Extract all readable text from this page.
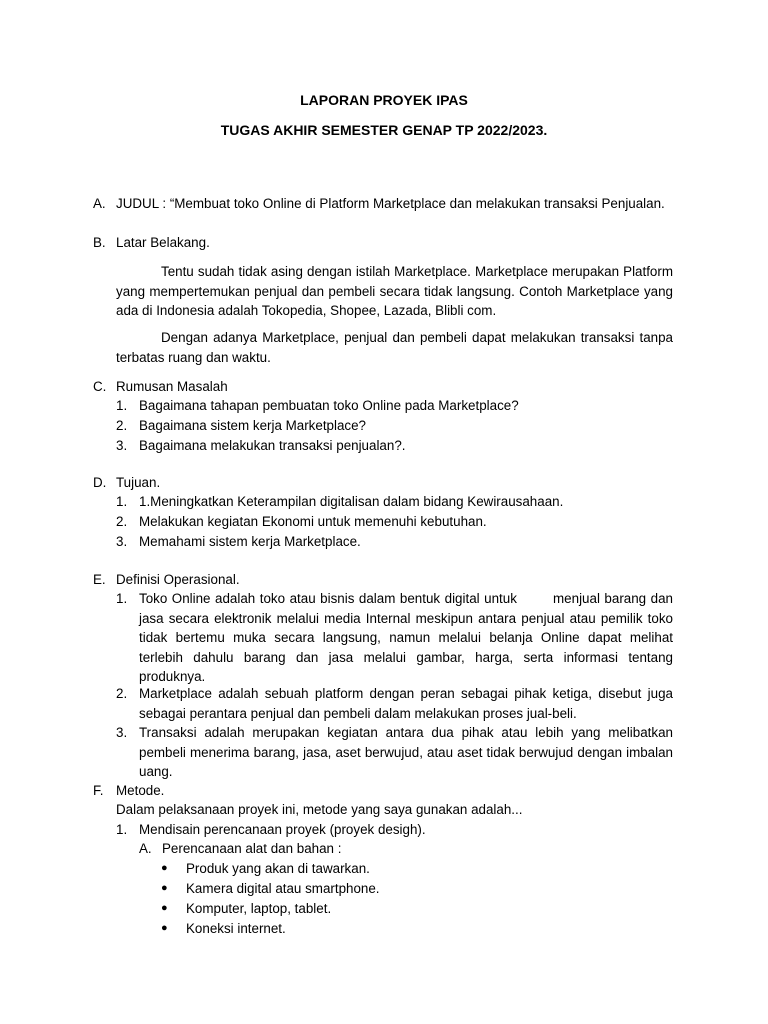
LAPORAN PROYEK IPAS
TUGAS AKHIR SEMESTER GENAP TP 2022/2023.
A. JUDUL : “Membuat toko Online di Platform Marketplace dan melakukan transaksi Penjualan.
B. Latar Belakang.
Tentu sudah tidak asing dengan istilah Marketplace. Marketplace merupakan Platform yang mempertemukan penjual dan pembeli secara tidak langsung. Contoh Marketplace yang ada di Indonesia adalah Tokopedia, Shopee, Lazada, Blibli com.
Dengan adanya Marketplace, penjual dan pembeli dapat melakukan transaksi tanpa terbatas ruang dan waktu.
C. Rumusan Masalah
1. Bagaimana tahapan pembuatan toko Online pada Marketplace?
2. Bagaimana sistem kerja Marketplace?
3. Bagaimana melakukan transaksi penjualan?.
D. Tujuan.
1. 1.Meningkatkan Keterampilan digitalisan dalam bidang Kewirausahaan.
2. Melakukan kegiatan Ekonomi untuk memenuhi kebutuhan.
3. Memahami sistem kerja Marketplace.
E. Definisi Operasional.
1. Toko Online adalah toko atau bisnis dalam bentuk digital untuk        menjual barang dan jasa secara elektronik melalui media Internal meskipun antara penjual atau pemilik toko tidak bertemu muka secara langsung, namun melalui belanja Online dapat melihat terlebih dahulu barang dan jasa melalui gambar, harga, serta informasi tentang produknya.
2. Marketplace adalah sebuah platform dengan peran sebagai pihak ketiga, disebut juga sebagai perantara penjual dan pembeli dalam melakukan proses jual-beli.
3. Transaksi adalah merupakan kegiatan antara dua pihak atau lebih yang melibatkan pembeli menerima barang, jasa, aset berwujud, atau aset tidak berwujud dengan imbalan uang.
F. Metode.
Dalam pelaksanaan proyek ini, metode yang saya gunakan adalah...
1. Mendisain perencanaan proyek (proyek desigh).
A. Perencanaan alat dan bahan :
● Produk yang akan di tawarkan.
● Kamera digital atau smartphone.
● Komputer, laptop, tablet.
● Koneksi internet.
